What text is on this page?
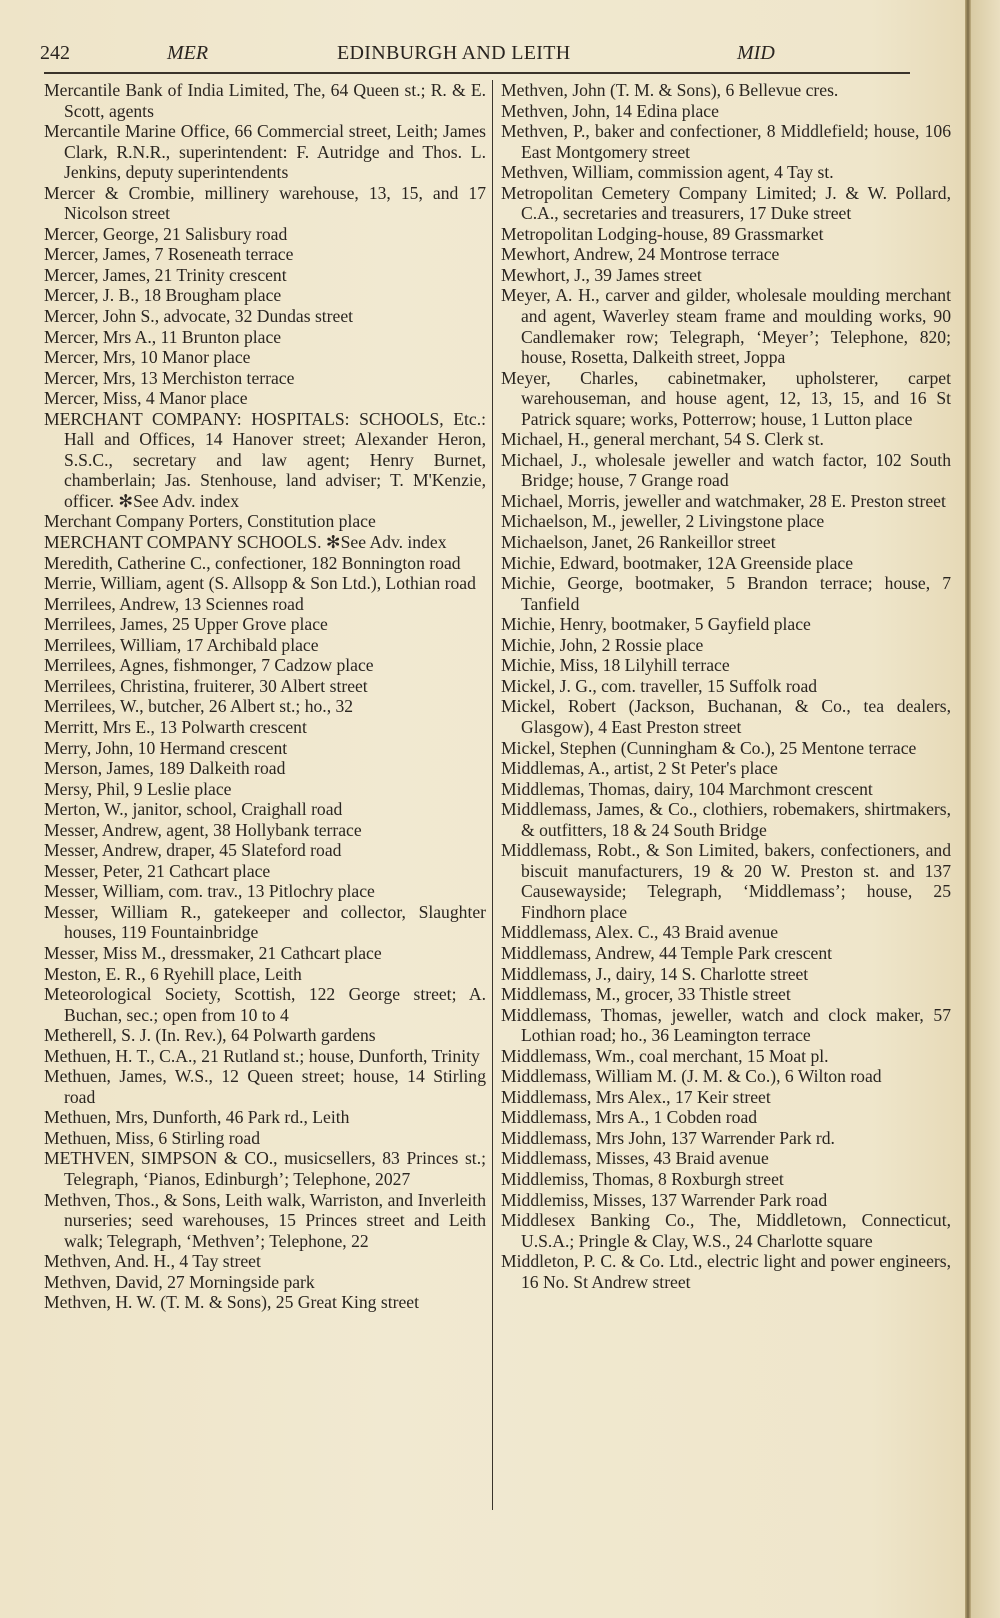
242	MER	EDINBURGH AND LEITH	MID
Mercantile Bank of India Limited, The, 64 Queen st.; R. & E. Scott, agents
Mercantile Marine Office, 66 Commercial street, Leith; James Clark, R.N.R., superintendent: F. Autridge and Thos. L. Jenkins, deputy superintendents
Mercer & Crombie, millinery warehouse, 13, 15, and 17 Nicolson street
Mercer, George, 21 Salisbury road
Mercer, James, 7 Roseneath terrace
Mercer, James, 21 Trinity crescent
Mercer, J. B., 18 Brougham place
Mercer, John S., advocate, 32 Dundas street
Mercer, Mrs A., 11 Brunton place
Mercer, Mrs, 10 Manor place
Mercer, Mrs, 13 Merchiston terrace
Mercer, Miss, 4 Manor place
MERCHANT COMPANY: HOSPITALS: SCHOOLS, Etc.: Hall and Offices, 14 Hanover street; Alexander Heron, S.S.C., secretary and law agent; Henry Burnet, chamberlain; Jas. Stenhouse, land adviser; T. M'Kenzie, officer. ✻See Adv. index
Merchant Company Porters, Constitution place
MERCHANT COMPANY SCHOOLS. ✻See Adv. index
Meredith, Catherine C., confectioner, 182 Bonnington road
Merrie, William, agent (S. Allsopp & Son Ltd.), Lothian road
Merrilees, Andrew, 13 Sciennes road
Merrilees, James, 25 Upper Grove place
Merrilees, William, 17 Archibald place
Merrilees, Agnes, fishmonger, 7 Cadzow place
Merrilees, Christina, fruiterer, 30 Albert street
Merrilees, W., butcher, 26 Albert st.; ho., 32
Merritt, Mrs E., 13 Polwarth crescent
Merry, John, 10 Hermand crescent
Merson, James, 189 Dalkeith road
Mersy, Phil, 9 Leslie place
Merton, W., janitor, school, Craighall road
Messer, Andrew, agent, 38 Hollybank terrace
Messer, Andrew, draper, 45 Slateford road
Messer, Peter, 21 Cathcart place
Messer, William, com. trav., 13 Pitlochry place
Messer, William R., gatekeeper and collector, Slaughter houses, 119 Fountainbridge
Messer, Miss M., dressmaker, 21 Cathcart place
Meston, E. R., 6 Ryehill place, Leith
Meteorological Society, Scottish, 122 George street; A. Buchan, sec.; open from 10 to 4
Metherell, S. J. (In. Rev.), 64 Polwarth gardens
Methuen, H. T., C.A., 21 Rutland st.; house, Dunforth, Trinity
Methuen, James, W.S., 12 Queen street; house, 14 Stirling road
Methuen, Mrs, Dunforth, 46 Park rd., Leith
Methuen, Miss, 6 Stirling road
METHVEN, SIMPSON & CO., musicsellers, 83 Princes st.; Telegraph, ‘Pianos, Edinburgh’; Telephone, 2027
Methven, Thos., & Sons, Leith walk, Warriston, and Inverleith nurseries; seed warehouses, 15 Princes street and Leith walk; Telegraph, ‘Methven’; Telephone, 22
Methven, And. H., 4 Tay street
Methven, David, 27 Morningside park
Methven, H. W. (T. M. & Sons), 25 Great King street
Methven, John (T. M. & Sons), 6 Bellevue cres.
Methven, John, 14 Edina place
Methven, P., baker and confectioner, 8 Middlefield; house, 106 East Montgomery street
Methven, William, commission agent, 4 Tay st.
Metropolitan Cemetery Company Limited; J. & W. Pollard, C.A., secretaries and treasurers, 17 Duke street
Metropolitan Lodging-house, 89 Grassmarket
Mewhort, Andrew, 24 Montrose terrace
Mewhort, J., 39 James street
Meyer, A. H., carver and gilder, wholesale moulding merchant and agent, Waverley steam frame and moulding works, 90 Candlemaker row; Telegraph, ‘Meyer’; Telephone, 820; house, Rosetta, Dalkeith street, Joppa
Meyer, Charles, cabinetmaker, upholsterer, carpet warehouseman, and house agent, 12, 13, 15, and 16 St Patrick square; works, Potterrow; house, 1 Lutton place
Michael, H., general merchant, 54 S. Clerk st.
Michael, J., wholesale jeweller and watch factor, 102 South Bridge; house, 7 Grange road
Michael, Morris, jeweller and watchmaker, 28 E. Preston street
Michaelson, M., jeweller, 2 Livingstone place
Michaelson, Janet, 26 Rankeillor street
Michie, Edward, bootmaker, 12A Greenside place
Michie, George, bootmaker, 5 Brandon terrace; house, 7 Tanfield
Michie, Henry, bootmaker, 5 Gayfield place
Michie, John, 2 Rossie place
Michie, Miss, 18 Lilyhill terrace
Mickel, J. G., com. traveller, 15 Suffolk road
Mickel, Robert (Jackson, Buchanan, & Co., tea dealers, Glasgow), 4 East Preston street
Mickel, Stephen (Cunningham & Co.), 25 Mentone terrace
Middlemas, A., artist, 2 St Peter's place
Middlemas, Thomas, dairy, 104 Marchmont crescent
Middlemass, James, & Co., clothiers, robemakers, shirtmakers, & outfitters, 18 & 24 South Bridge
Middlemass, Robt., & Son Limited, bakers, confectioners, and biscuit manufacturers, 19 & 20 W. Preston st. and 137 Causewayside; Telegraph, ‘Middlemass’; house, 25 Findhorn place
Middlemass, Alex. C., 43 Braid avenue
Middlemass, Andrew, 44 Temple Park crescent
Middlemass, J., dairy, 14 S. Charlotte street
Middlemass, M., grocer, 33 Thistle street
Middlemass, Thomas, jeweller, watch and clock maker, 57 Lothian road; ho., 36 Leamington terrace
Middlemass, Wm., coal merchant, 15 Moat pl.
Middlemass, William M. (J. M. & Co.), 6 Wilton road
Middlemass, Mrs Alex., 17 Keir street
Middlemass, Mrs A., 1 Cobden road
Middlemass, Mrs John, 137 Warrender Park rd.
Middlemass, Misses, 43 Braid avenue
Middlemiss, Thomas, 8 Roxburgh street
Middlemiss, Misses, 137 Warrender Park road
Middlesex Banking Co., The, Middletown, Connecticut, U.S.A.; Pringle & Clay, W.S., 24 Charlotte square
Middleton, P. C. & Co. Ltd., electric light and power engineers, 16 No. St Andrew street
